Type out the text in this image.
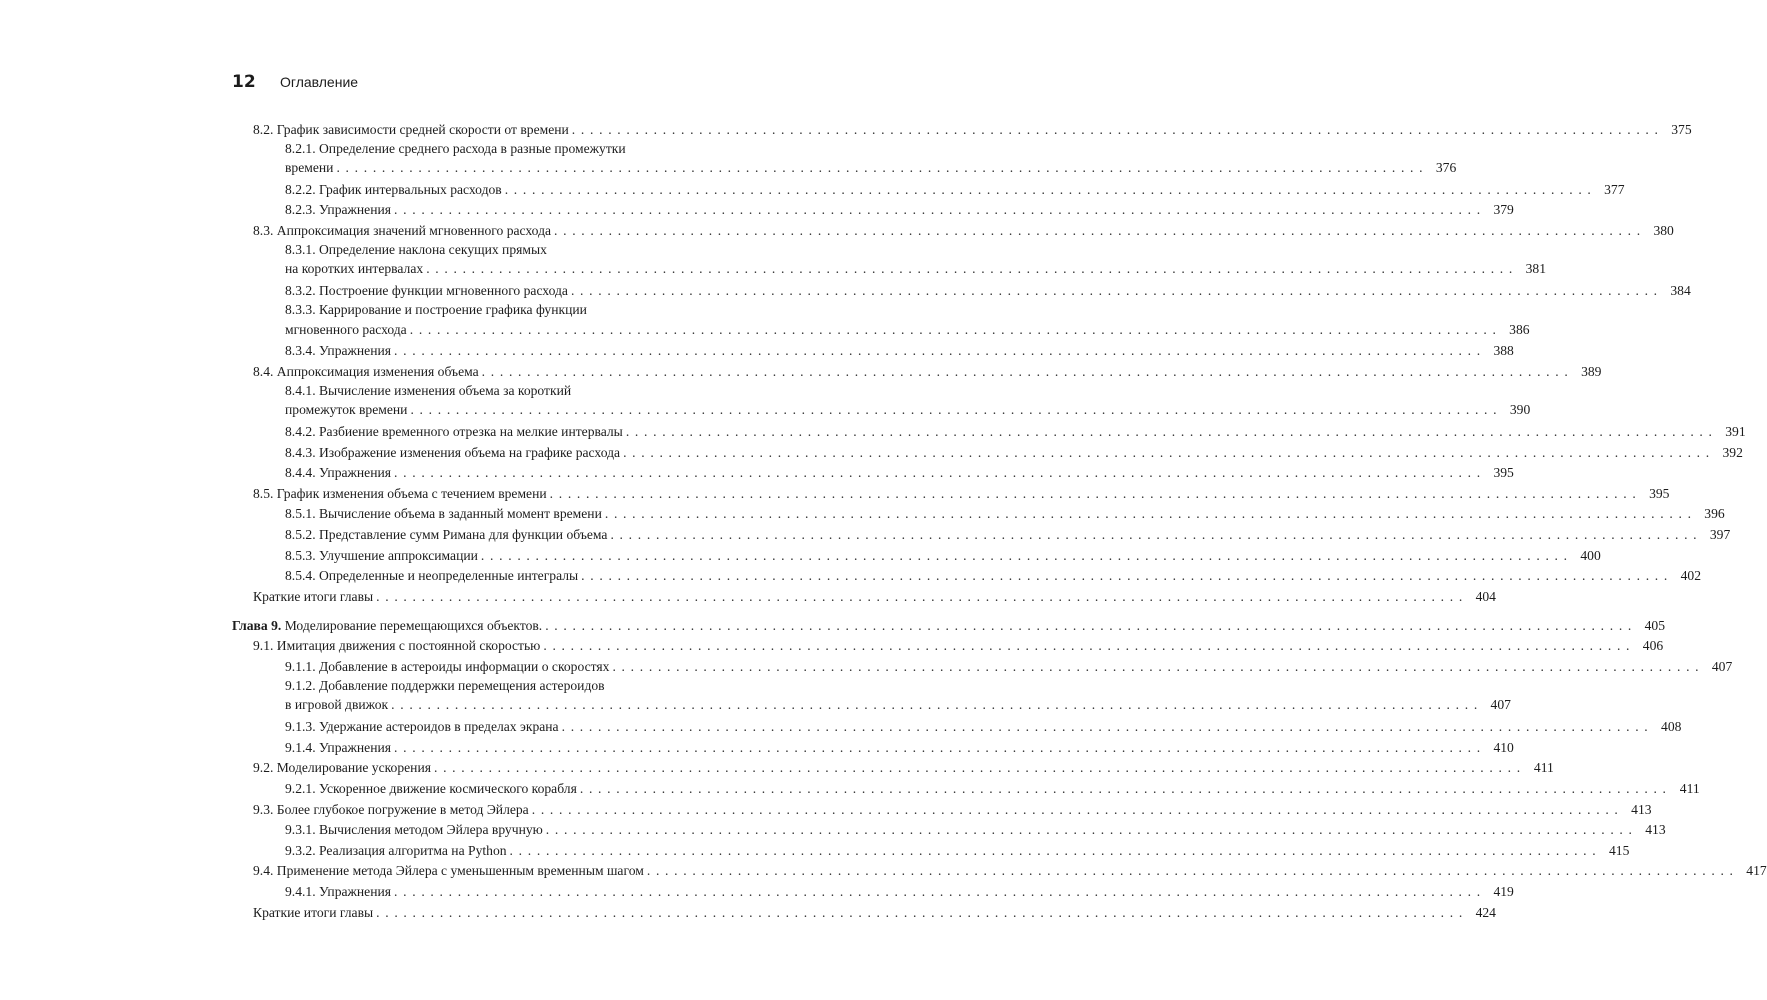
12	Оглавление
8.2. График зависимости средней скорости от времени ........................................................................................................................ 375
8.2.1. Определение среднего расхода в разные промежутки
времени ........................................................................................................................ 376
8.2.2. График интервальных расходов ........................................................................................................................ 377
8.2.3. Упражнения ........................................................................................................................ 379
8.3. Аппроксимация значений мгновенного расхода ........................................................................................................................ 380
8.3.1. Определение наклона секущих прямых
на коротких интервалах ........................................................................................................................ 381
8.3.2. Построение функции мгновенного расхода ........................................................................................................................ 384
8.3.3. Каррирование и построение графика функции
мгновенного расхода ........................................................................................................................ 386
8.3.4. Упражнения ........................................................................................................................ 388
8.4. Аппроксимация изменения объема ........................................................................................................................ 389
8.4.1. Вычисление изменения объема за короткий
промежуток времени ........................................................................................................................ 390
8.4.2. Разбиение временного отрезка на мелкие интервалы ........................................................................................................................ 391
8.4.3. Изображение изменения объема на графике расхода ........................................................................................................................ 392
8.4.4. Упражнения ........................................................................................................................ 395
8.5. График изменения объема с течением времени ........................................................................................................................ 395
8.5.1. Вычисление объема в заданный момент времени ........................................................................................................................ 396
8.5.2. Представление сумм Римана для функции объема ........................................................................................................................ 397
8.5.3. Улучшение аппроксимации ........................................................................................................................ 400
8.5.4. Определенные и неопределенные интегралы ........................................................................................................................ 402
Краткие итоги главы ........................................................................................................................ 404
Глава 9. Моделирование перемещающихся объектов. ........................................................................................................................ 405
9.1. Имитация движения с постоянной скоростью ........................................................................................................................ 406
9.1.1. Добавление в астероиды информации о скоростях ........................................................................................................................ 407
9.1.2. Добавление поддержки перемещения астероидов
в игровой движок ........................................................................................................................ 407
9.1.3. Удержание астероидов в пределах экрана ........................................................................................................................ 408
9.1.4. Упражнения ........................................................................................................................ 410
9.2. Моделирование ускорения ........................................................................................................................ 411
9.2.1. Ускоренное движение космического корабля ........................................................................................................................ 411
9.3. Более глубокое погружение в метод Эйлера ........................................................................................................................ 413
9.3.1. Вычисления методом Эйлера вручную ........................................................................................................................ 413
9.3.2. Реализация алгоритма на Python ........................................................................................................................ 415
9.4. Применение метода Эйлера с уменьшенным временным шагом ........................................................................................................................ 417
9.4.1. Упражнения ........................................................................................................................ 419
Краткие итоги главы ........................................................................................................................ 424
